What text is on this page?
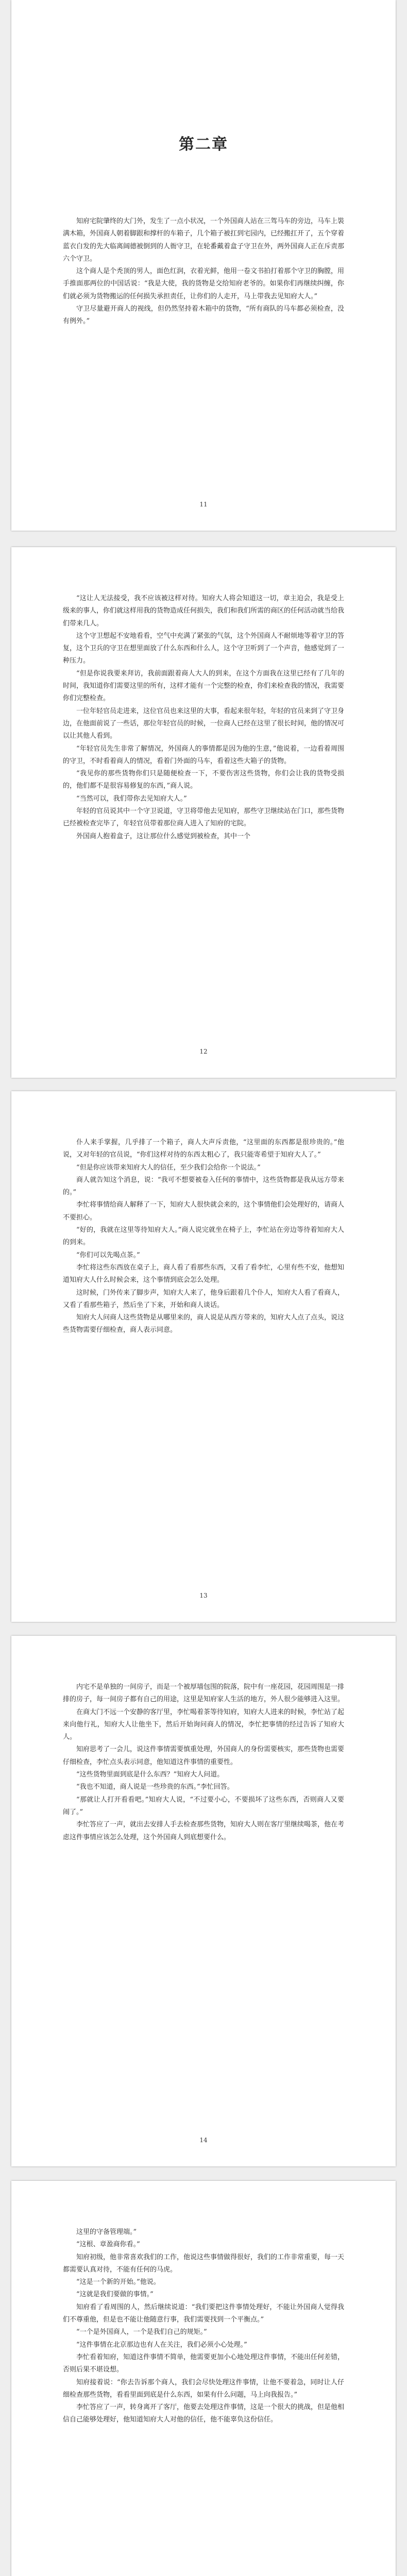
第二章

知府宅院肇终的大门外，发生了一点小状况，一个外国商人站在三驾马车的旁边，马车上裝满木箱，外国商人朝着脚跟和撑杆的车箱子，几个箱子被扛到宅园内，已经搬扛开了，五个穿着蓝衣白发的先大临离阔德被倒到的人衙守卫，在轮番戴着盒子守卫在外，两外国商人正在斥责那六个守卫。

这个商人是个秃顶的男人，面色红润，衣着光鲜，他用一卷文书拍打着那个守卫的胸膛，用手推面那两位的中国话说：“我是大使，我的货物是交给知府老爷的。如果你们再继续纠缠，你们就必须为货物搬运的任何损失承担责任，让你们的人走开，马上带我去见知府大人。”

守卫尽量避开商人的视线，但仍然坚持着木箱中的货物，“所有商队的马车都必须检查，没有例外。”

11

“这让人无法接受，我不应该被这样对待。知府大人将会知道这一切，章主迫会，我是受上级来的事人，你们就这样用我的货物造成任何损失，我们和我们所需的商区的任何活动就当给我们带来几人。

这个守卫想起不安地看看，空气中充满了紧张的气氛，这个外国商人不耐烦地等着守卫的答复，这个卫兵的守卫在想里面放了什么东西和什么人，这个守卫听到了一个声音，他感觉到了一种压力。

“但是你说我要来拜访，我前面跟着商人大人的到来，在这个方面我在这里已经有了几年的时间，我知道你们需要这里的所有，这样才能有一个完整的检查，你们来检查我的情况，我需要你们完整检查。

一位年轻官员走进来，这位官员也来这里的大事，看起来很年轻，年轻的官员来到了守卫身边，在他面前说了一些话，那位年轻官员的时候，一位商人已经在这里了很长时间，他的情况可以让其他人看到。

“年轻官员先生非常了解情况，外国商人的事情都是因为他的生意，”他说着，一边看着周围的守卫，不时看着商人的情况，看着门外面的马车，看着这些大箱子的货物。

“我见你的那些货物你们只是随便检查一下，不要伤害这些货物，你们会让我的货物受损的，他们都不是很容易修复的东西，”商人说。

“当然可以，我们带你去见知府大人。”

年轻的官员说其中一个守卫说道，守卫将带他去见知府，那些守卫继续站在门口，那些货物已经被检查完毕了，年轻官员带着那位商人进入了知府的宅院。

外国商人抱着盒子，这让那位什么感觉到被检查，其中一个

12

仆人来手掌握，几乎排了一个箱子，商人大声斥责他，“这里面的东西都是很珍贵的。”他说，又对年轻的官员说，“你们这样对待的东西太粗心了，我只能寄希望于知府大人了。”

“但是你应该带来知府大人的信任，至少我们会给你一个说法。”

商人就告知这个消息，说：“我可不想要被卷入任何的事情中，这些货物都是我从远方带来的。”

李忙将事情给商人解释了一下，知府大人很快就会来的，这个事情他们会处理好的，请商人不要担心。

“好的，我就在这里等待知府大人。”商人说完就坐在椅子上，李忙站在旁边等待着知府大人的到来。

“你们可以先喝点茶。”

李忙将这些东西放在桌子上，商人看了看那些东西，又看了看李忙，心里有些不安，他想知道知府大人什么时候会来，这个事情到底会怎么处理。

这时候，门外传来了脚步声，知府大人来了，他身后跟着几个仆人，知府大人看了看商人，又看了看那些箱子，然后坐了下来，开始和商人谈话。

知府大人问商人这些货物是从哪里来的，商人说是从西方带来的，知府大人点了点头，说这些货物需要仔细检查，商人表示同意。

13

内宅不是单独的一间房子，而是一个被厚墙包围的院落，院中有一座花园，花园周围是一排排的房子，每一间房子都有自己的用途，这里是知府家人生活的地方，外人很少能够进入这里。

在商大门不远一个安静的客厅里，李忙喝着茶等待知府，知府大人进来的时候，李忙站了起来向他行礼，知府大人让他坐下，然后开始询问商人的情况，李忙把事情的经过告诉了知府大人。

知府思考了一会儿，说这件事情需要慎重处理，外国商人的身份需要核实，那些货物也需要仔细检查，李忙点头表示同意，他知道这件事情的重要性。

“这些货物里面到底是什么东西？”知府大人问道。

“我也不知道，商人说是一些珍贵的东西。”李忙回答。

“那就让人打开看看吧。”知府大人说，“不过要小心，不要损坏了这些东西，否则商人又要闹了。”

李忙答应了一声，就出去安排人手去检查那些货物，知府大人则在客厅里继续喝茶，他在考虑这件事情应该怎么处理，这个外国商人到底想要什么。

14

这里的守备管理端。”

“这根、章盈商你看。”

知府初级，他非常喜欢我们的工作，他说这些事情做得很好，我们的工作非常重要，每一天都需要认真对待，不能有任何的马虎。

“这是一个新的开始。”他说。

“这就是我们要做的事情。”

知府看了看周围的人，然后继续说道：“我们要把这件事情处理好，不能让外国商人觉得我们不尊重他，但是也不能让他随意行事，我们需要找到一个平衡点。”

“一个是外国商人，一个是我们自己的规矩。”

“这件事情在北京那边也有人在关注，我们必须小心处理。”

李忙看着知府，知道这件事情不简单，他需要更加小心地处理这件事情，不能出任何差错，否则后果不堪设想。

知府接着说：“你去告诉那个商人，我们会尽快处理这件事情，让他不要着急，同时让人仔细检查那些货物，看看里面到底是什么东西，如果有什么问题，马上向我报告。”

李忙答应了一声，转身离开了客厅，他要去处理这件事情，这是一个很大的挑战，但是他相信自己能够处理好，他知道知府大人对他的信任，他不能辜负这份信任。
